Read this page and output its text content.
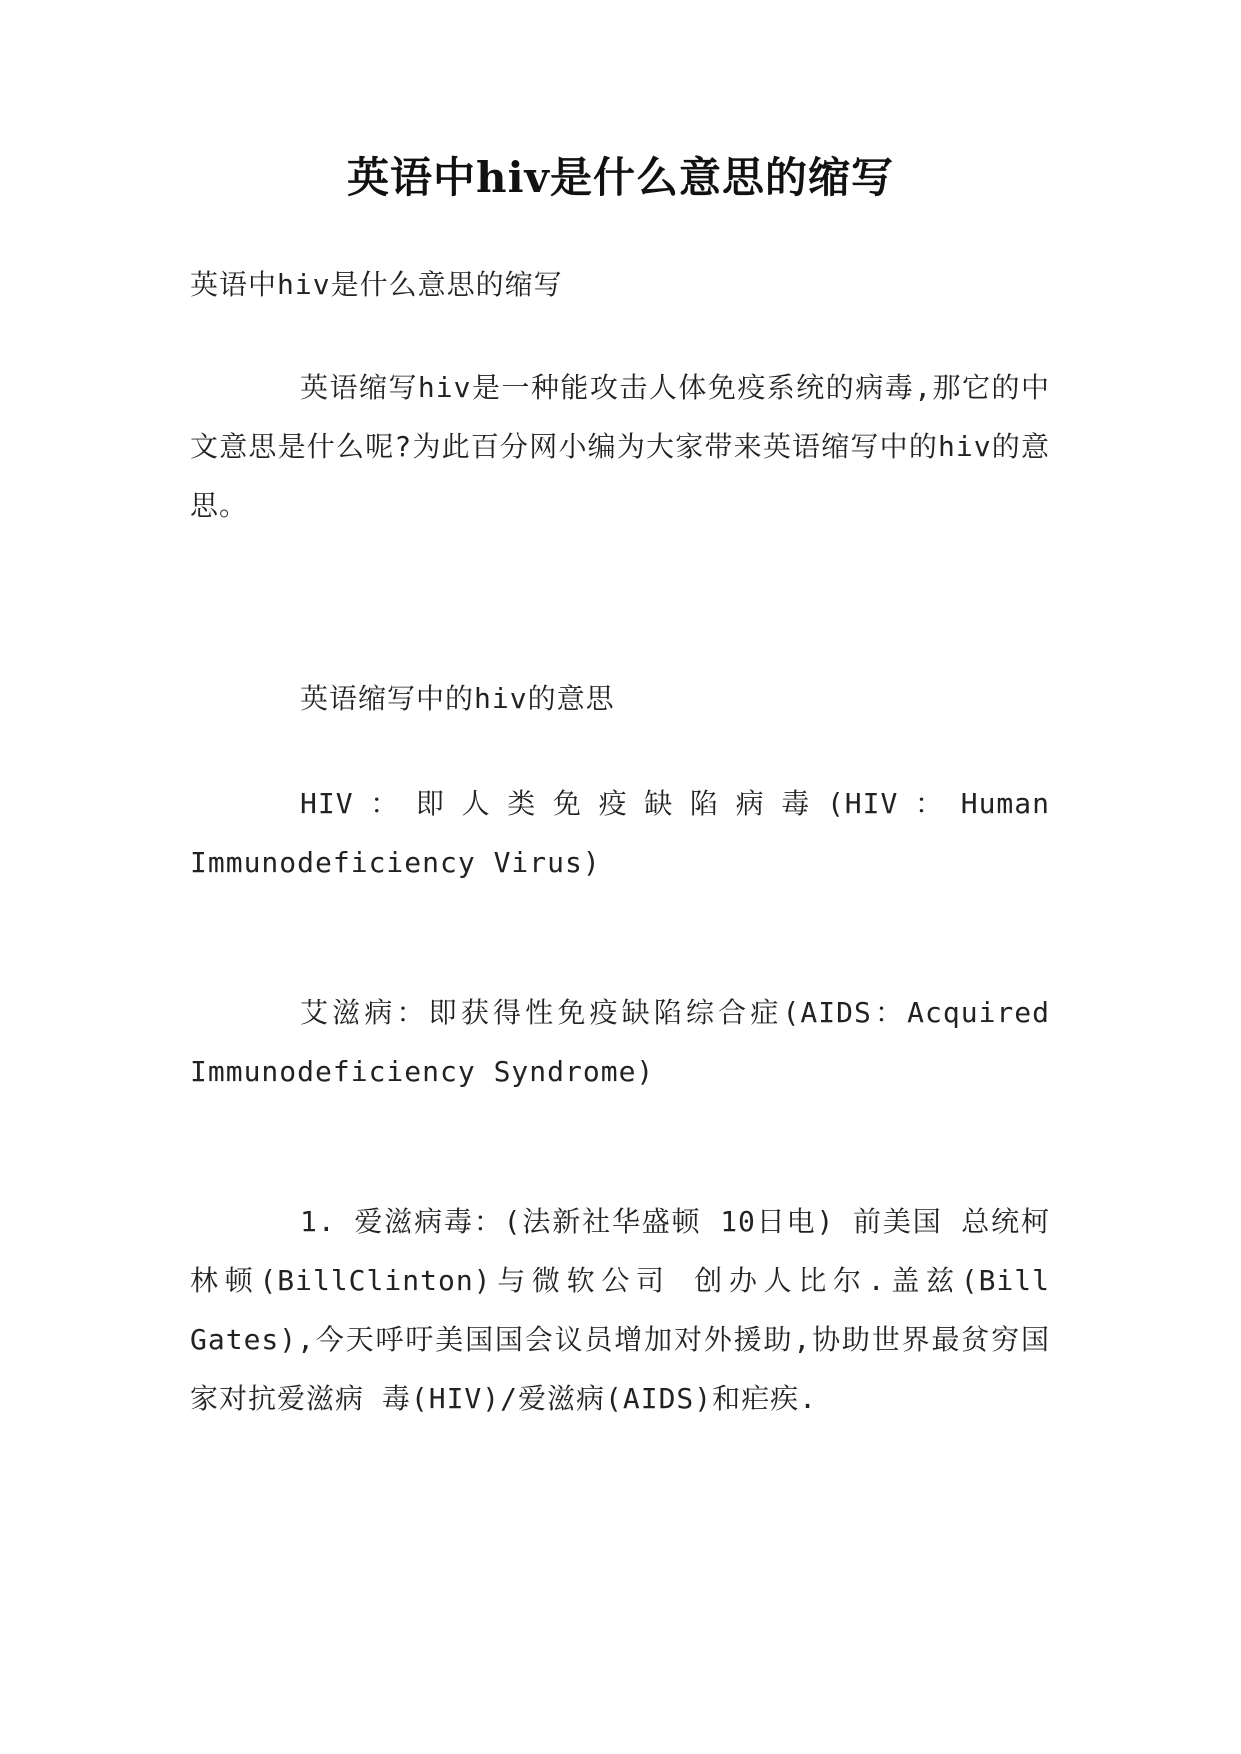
英语中hiv是什么意思的缩写
英语中hiv是什么意思的缩写
英语缩写hiv是一种能攻击人体免疫系统的病毒,那它的中文意思是什么呢?为此百分网小编为大家带来英语缩写中的hiv的意思。
英语缩写中的hiv的意思
HIV：即人类免疫缺陷病毒(HIV：Human Immunodeficiency Virus)
艾滋病：即获得性免疫缺陷综合症(AIDS：Acquired Immunodeficiency Syndrome)
1. 爱滋病毒：(法新社华盛顿 10日电) 前美国 总统柯林顿(BillClinton)与微软公司 创办人比尔.盖兹(Bill Gates),今天呼吁美国国会议员增加对外援助,协助世界最贫穷国家对抗爱滋病 毒(HIV)/爱滋病(AIDS)和疟疾.
